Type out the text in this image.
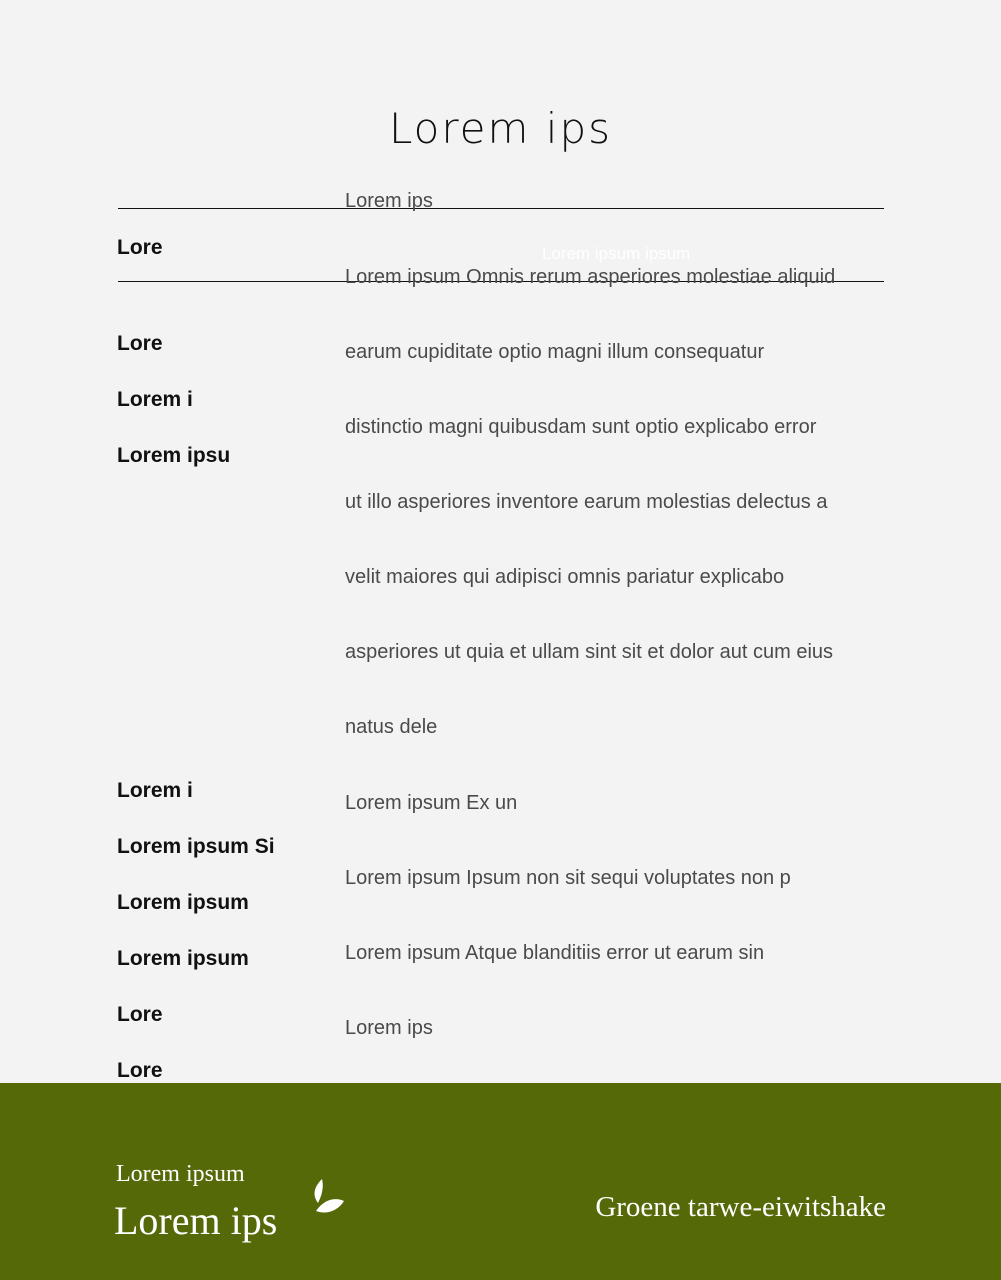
Lorem ips
Lorem ips
Lore	Lorem ipsum ipsum
Lore
Lorem i
Lorem ipsu
Lorem i
Lorem ipsum Si
Lorem ipsum
Lorem ipsum
Lore
Lore
Lorem ipsum Omnis rerum asperiores molestiae aliquid
earum cupiditate optio magni illum consequatur
distinctio magni quibusdam sunt optio explicabo error
ut illo asperiores inventore earum molestias delectus a
velit maiores qui adipisci omnis pariatur explicabo
asperiores ut quia et ullam sint sit et dolor aut cum eius
natus dele
Lorem ipsum Ex un
Lorem ipsum Ipsum non sit sequi voluptates non p
Lorem ipsum Atque blanditiis error ut earum sin
Lorem ips
Lorem ipsum
Lorem ips	Groene tarwe-eiwitshake
